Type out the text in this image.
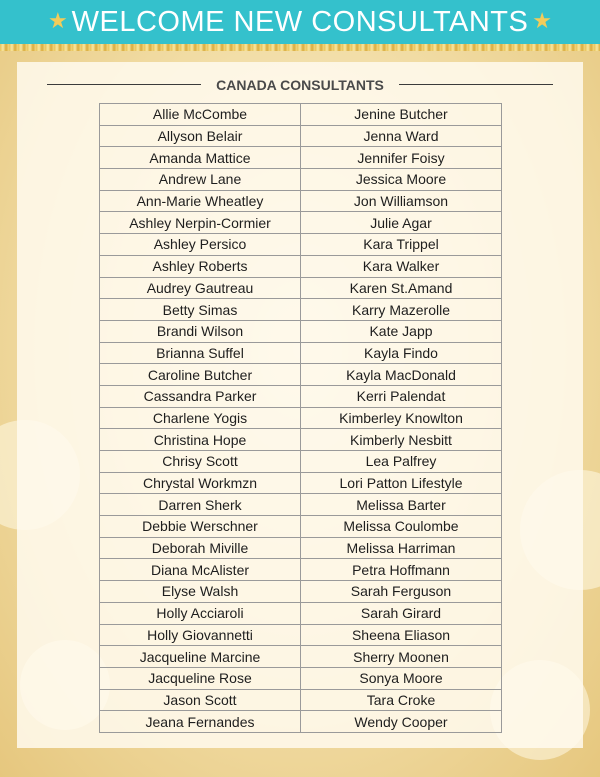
★ WELCOME NEW CONSULTANTS ★
CANADA CONSULTANTS
Allie McCombe	Jenine Butcher
Allyson Belair	Jenna Ward
Amanda Mattice	Jennifer Foisy
Andrew Lane	Jessica Moore
Ann-Marie Wheatley	Jon Williamson
Ashley Nerpin-Cormier	Julie Agar
Ashley Persico	Kara Trippel
Ashley Roberts	Kara Walker
Audrey Gautreau	Karen St.Amand
Betty Simas	Karry Mazerolle
Brandi Wilson	Kate Japp
Brianna Suffel	Kayla Findo
Caroline Butcher	Kayla MacDonald
Cassandra Parker	Kerri Palendat
Charlene Yogis	Kimberley Knowlton
Christina Hope	Kimberly Nesbitt
Chrisy Scott	Lea Palfrey
Chrystal Workmzn	Lori Patton Lifestyle
Darren Sherk	Melissa Barter
Debbie Werschner	Melissa Coulombe
Deborah Miville	Melissa Harriman
Diana McAlister	Petra Hoffmann
Elyse Walsh	Sarah Ferguson
Holly Acciaroli	Sarah Girard
Holly Giovannetti	Sheena Eliason
Jacqueline Marcine	Sherry Moonen
Jacqueline Rose	Sonya Moore
Jason Scott	Tara Croke
Jeana Fernandes	Wendy Cooper
